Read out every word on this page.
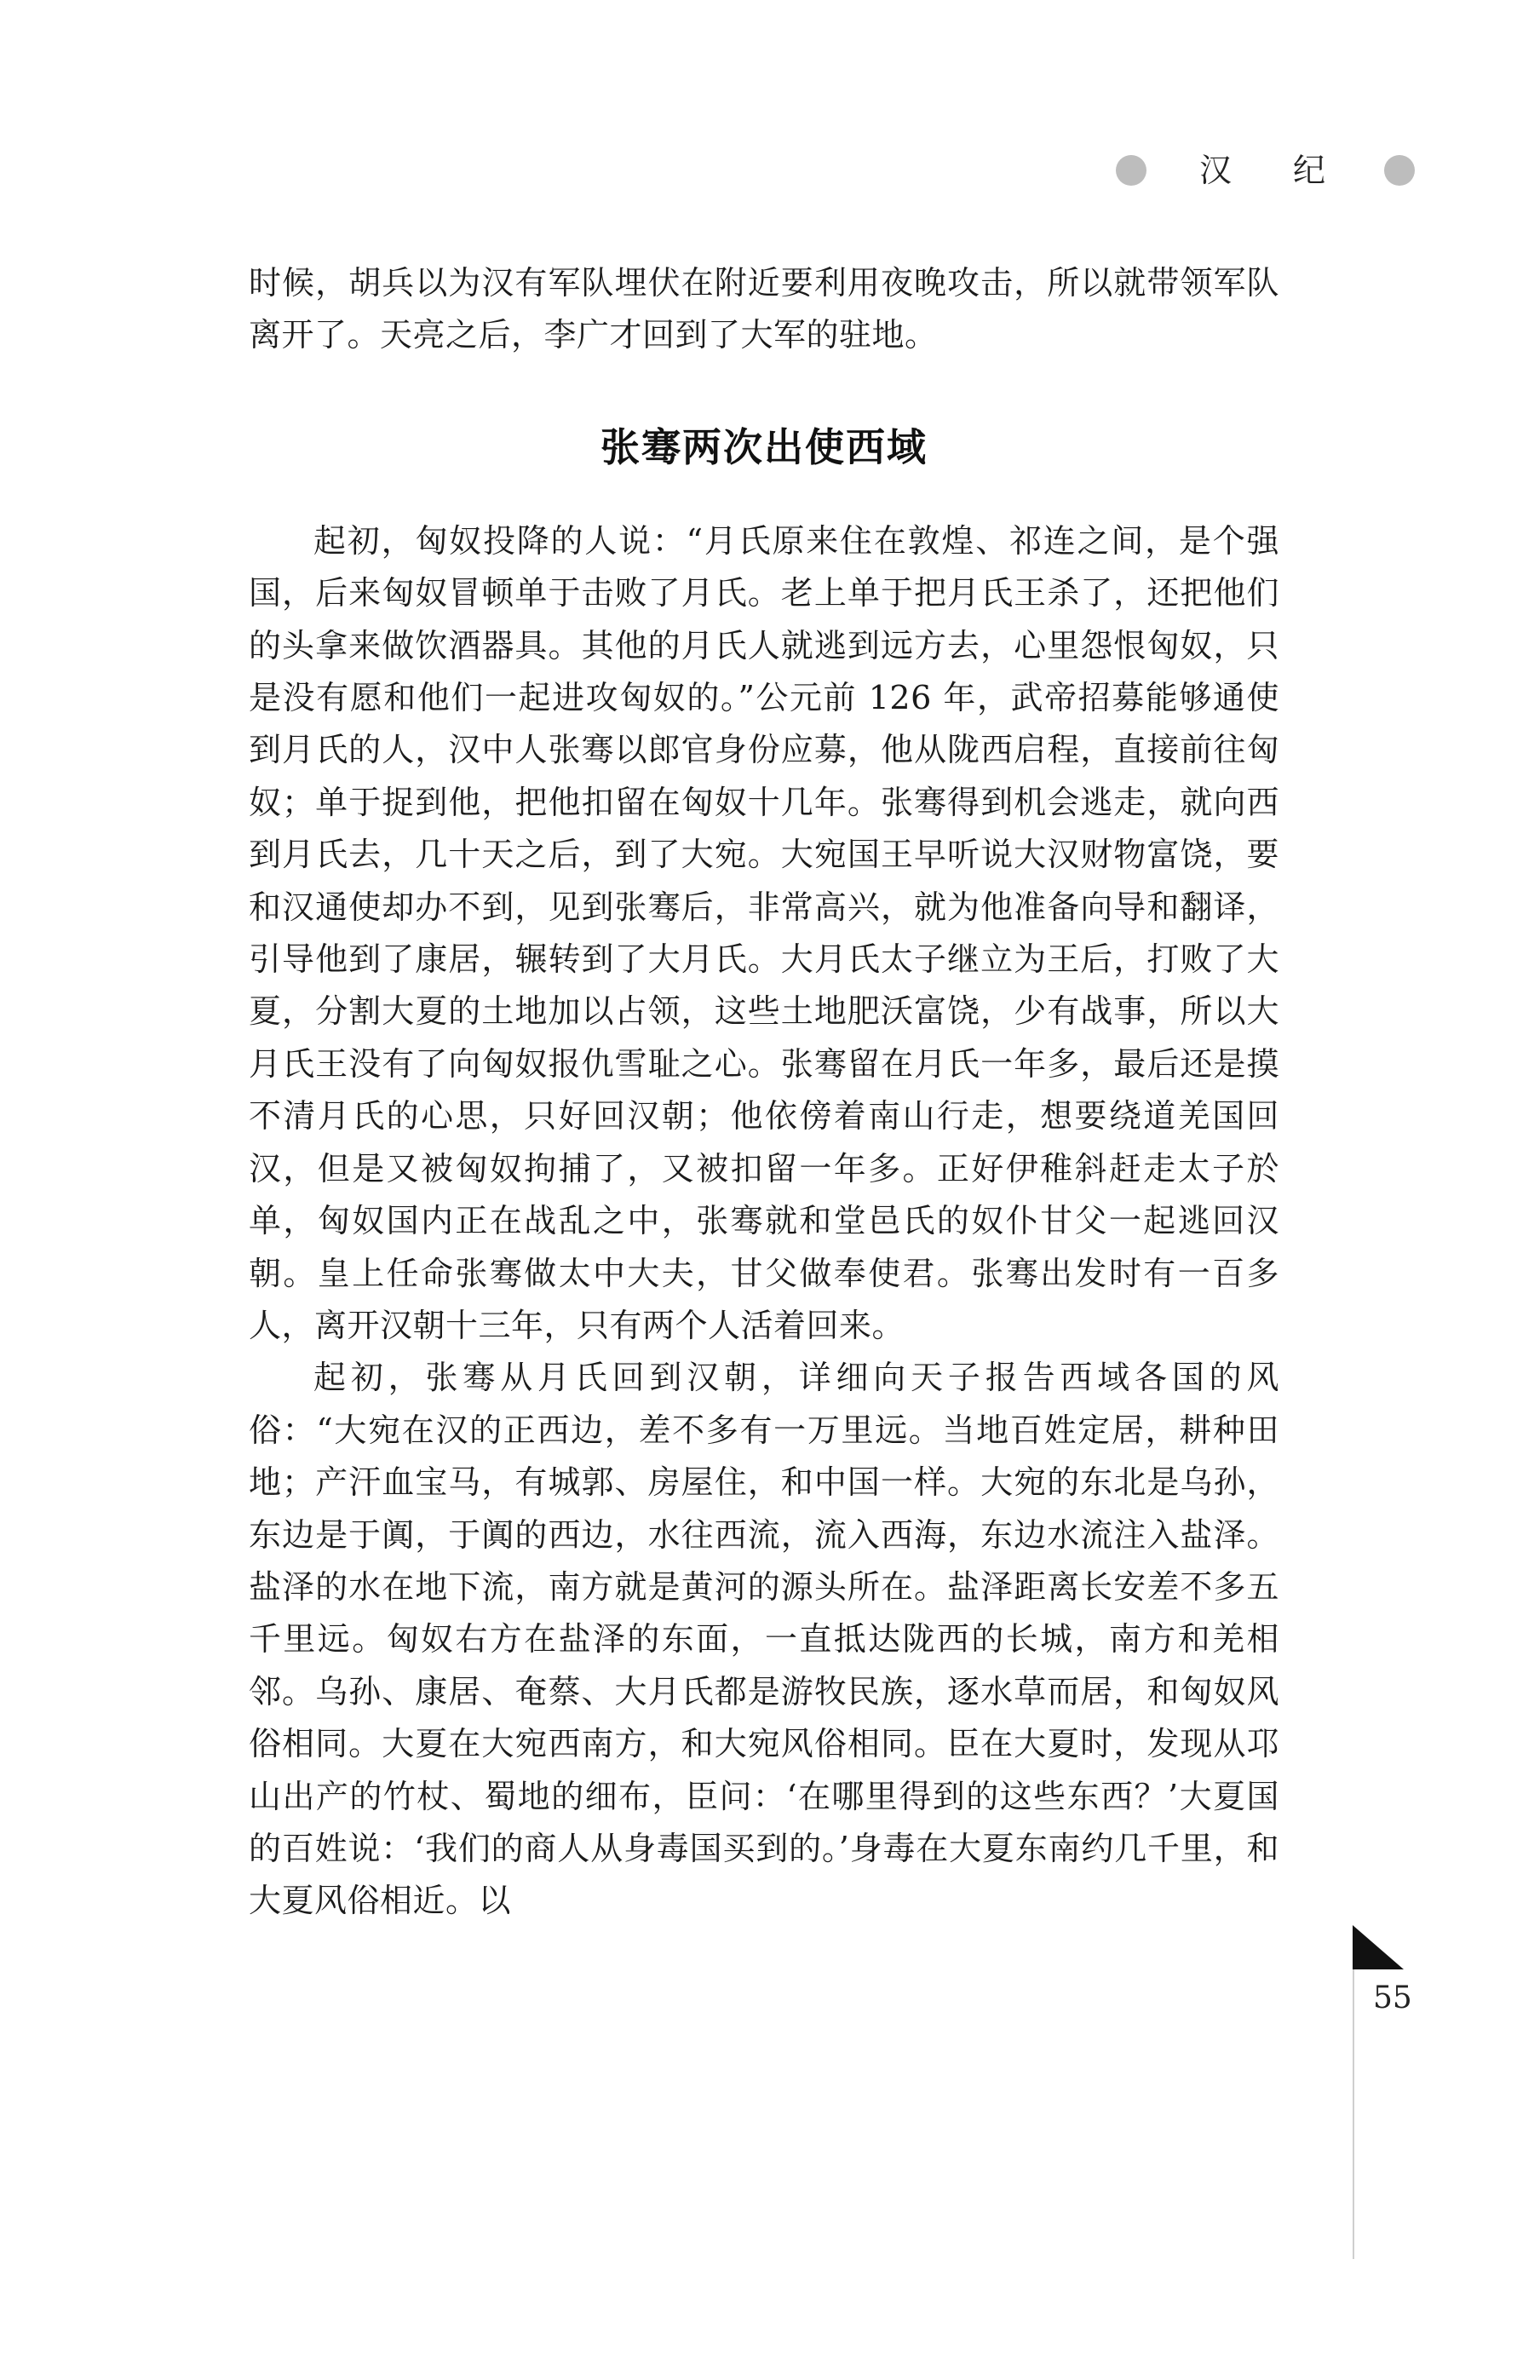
汉 纪

时候，胡兵以为汉有军队埋伏在附近要利用夜晚攻击，所以就带领军队离开了。天亮之后，李广才回到了大军的驻地。

张骞两次出使西域

起初，匈奴投降的人说：“月氏原来住在敦煌、祁连之间，是个强国，后来匈奴冒顿单于击败了月氏。老上单于把月氏王杀了，还把他们的头拿来做饮酒器具。其他的月氏人就逃到远方去，心里怨恨匈奴，只是没有愿和他们一起进攻匈奴的。”公元前 126 年，武帝招募能够通使到月氏的人，汉中人张骞以郎官身份应募，他从陇西启程，直接前往匈奴；单于捉到他，把他扣留在匈奴十几年。张骞得到机会逃走，就向西到月氏去，几十天之后，到了大宛。大宛国王早听说大汉财物富饶，要和汉通使却办不到，见到张骞后，非常高兴，就为他准备向导和翻译，引导他到了康居，辗转到了大月氏。大月氏太子继立为王后，打败了大夏，分割大夏的土地加以占领，这些土地肥沃富饶，少有战事，所以大月氏王没有了向匈奴报仇雪耻之心。张骞留在月氏一年多，最后还是摸不清月氏的心思，只好回汉朝；他依傍着南山行走，想要绕道羌国回汉，但是又被匈奴拘捕了，又被扣留一年多。正好伊稚斜赶走太子於单，匈奴国内正在战乱之中，张骞就和堂邑氏的奴仆甘父一起逃回汉朝。皇上任命张骞做太中大夫，甘父做奉使君。张骞出发时有一百多人，离开汉朝十三年，只有两个人活着回来。

起初，张骞从月氏回到汉朝，详细向天子报告西域各国的风俗：“大宛在汉的正西边，差不多有一万里远。当地百姓定居，耕种田地；产汗血宝马，有城郭、房屋住，和中国一样。大宛的东北是乌孙，东边是于阗，于阗的西边，水往西流，流入西海，东边水流注入盐泽。盐泽的水在地下流，南方就是黄河的源头所在。盐泽距离长安差不多五千里远。匈奴右方在盐泽的东面，一直抵达陇西的长城，南方和羌相邻。乌孙、康居、奄蔡、大月氏都是游牧民族，逐水草而居，和匈奴风俗相同。大夏在大宛西南方，和大宛风俗相同。臣在大夏时，发现从邛山出产的竹杖、蜀地的细布，臣问：‘在哪里得到的这些东西？’大夏国的百姓说：‘我们的商人从身毒国买到的。’身毒在大夏东南约几千里，和大夏风俗相近。以

55
